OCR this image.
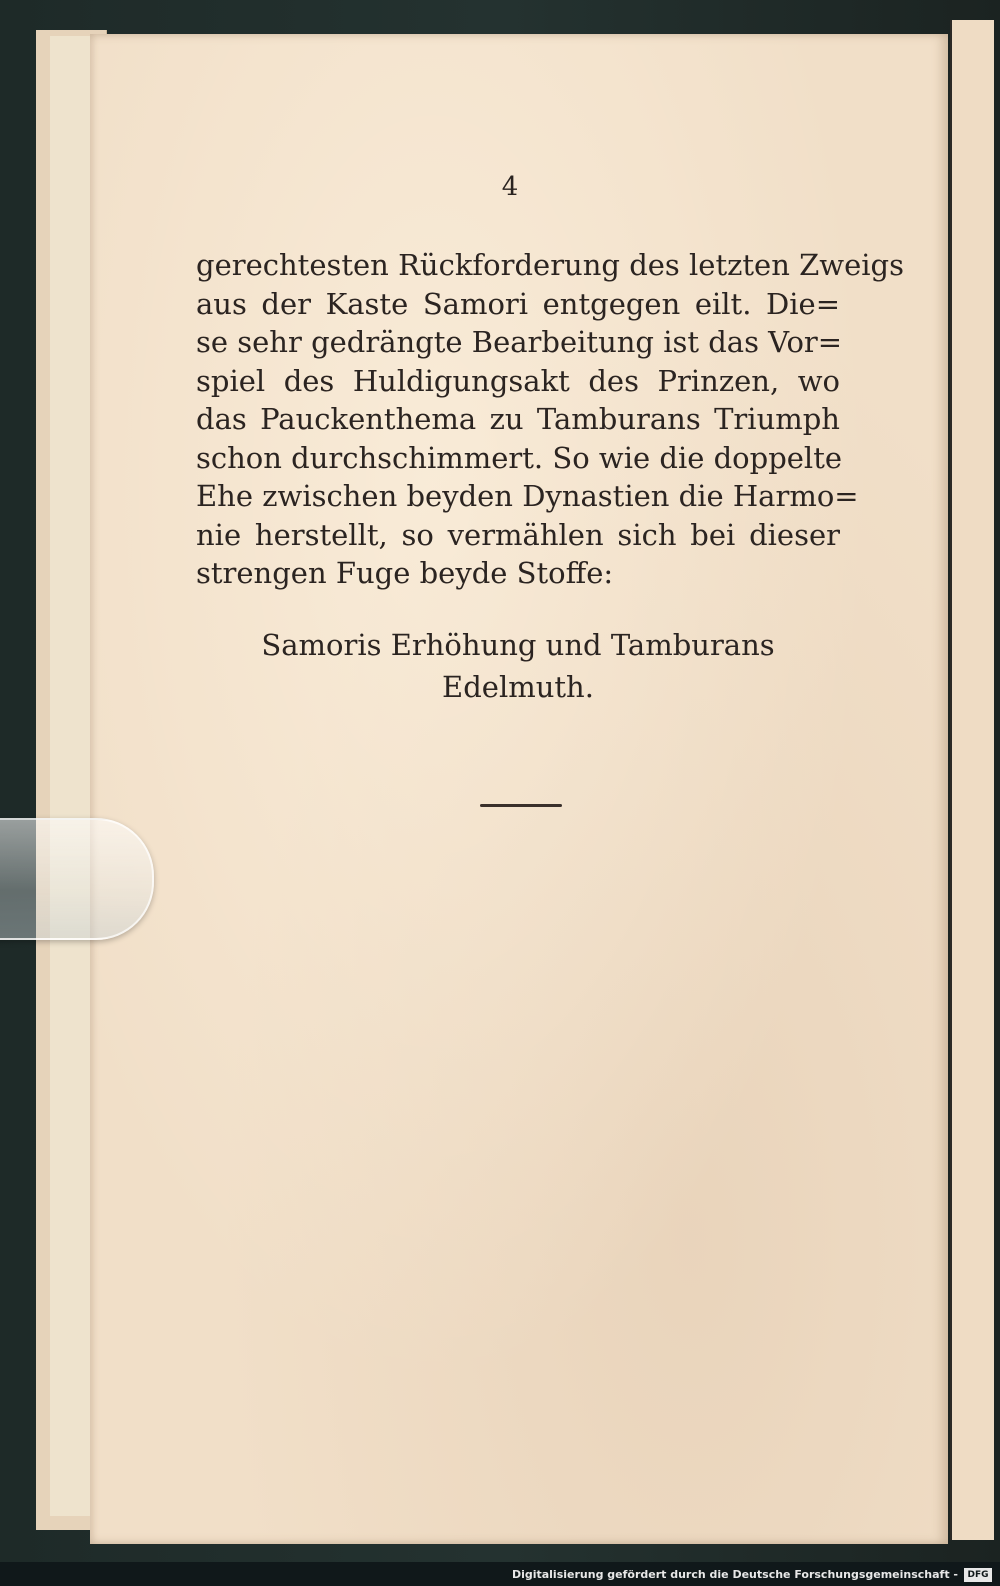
4

gerechtesten Rückforderung des letzten Zweigs
aus der Kaste Samori entgegen eilt. Die=
se sehr gedrängte Bearbeitung ist das Vor=
spiel des Huldigungsakt des Prinzen, wo
das Pauckenthema zu Tamburans Triumph
schon durchschimmert. So wie die doppelte
Ehe zwischen beyden Dynastien die Harmo=
nie herstellt, so vermählen sich bei dieser
strengen Fuge beyde Stoffe:

Samoris Erhöhung und Tamburans
Edelmuth.
Digitalisierung gefördert durch die Deutsche Forschungsgemeinschaft -	DFG
